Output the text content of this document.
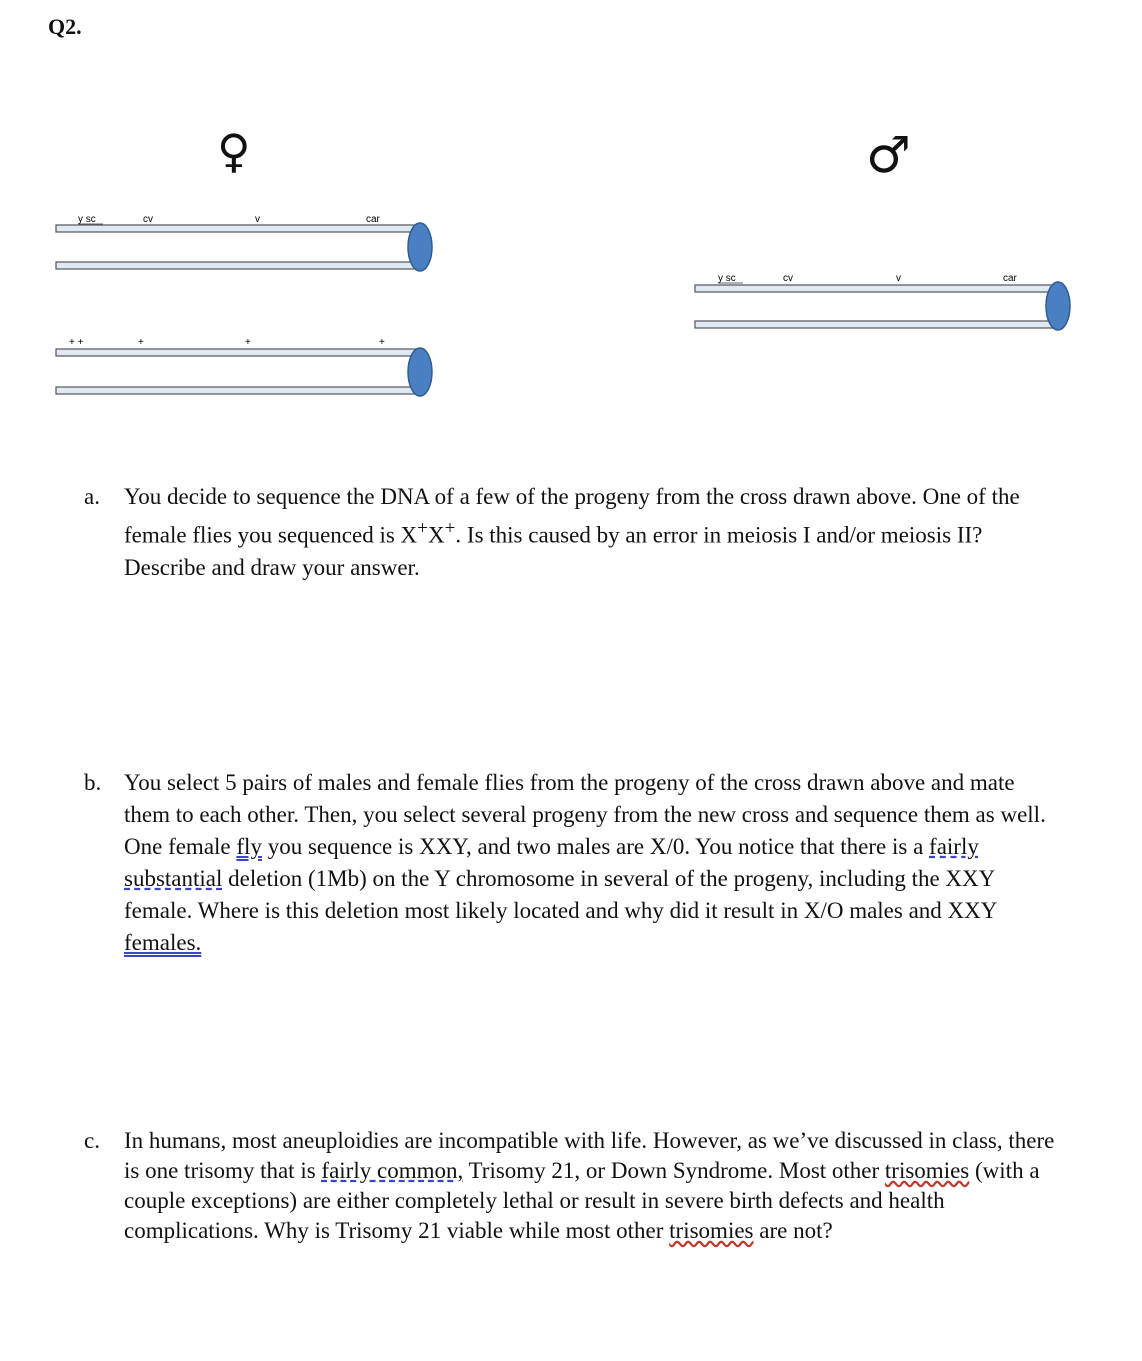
Q2.
♀	♂
y sc	cv	v	car
+ +	+	+	+
y sc	cv	v	car
a. You decide to sequence the DNA of a few of the progeny from the cross drawn above. One of the female flies you sequenced is X+X+. Is this caused by an error in meiosis I and/or meiosis II? Describe and draw your answer.
b. You select 5 pairs of males and female flies from the progeny of the cross drawn above and mate them to each other. Then, you select several progeny from the new cross and sequence them as well. One female fly you sequence is XXY, and two males are X/0. You notice that there is a fairly substantial deletion (1Mb) on the Y chromosome in several of the progeny, including the XXY female. Where is this deletion most likely located and why did it result in X/O males and XXY females.
c. In humans, most aneuploidies are incompatible with life. However, as we’ve discussed in class, there is one trisomy that is fairly common, Trisomy 21, or Down Syndrome. Most other trisomies (with a couple exceptions) are either completely lethal or result in severe birth defects and health complications. Why is Trisomy 21 viable while most other trisomies are not?
